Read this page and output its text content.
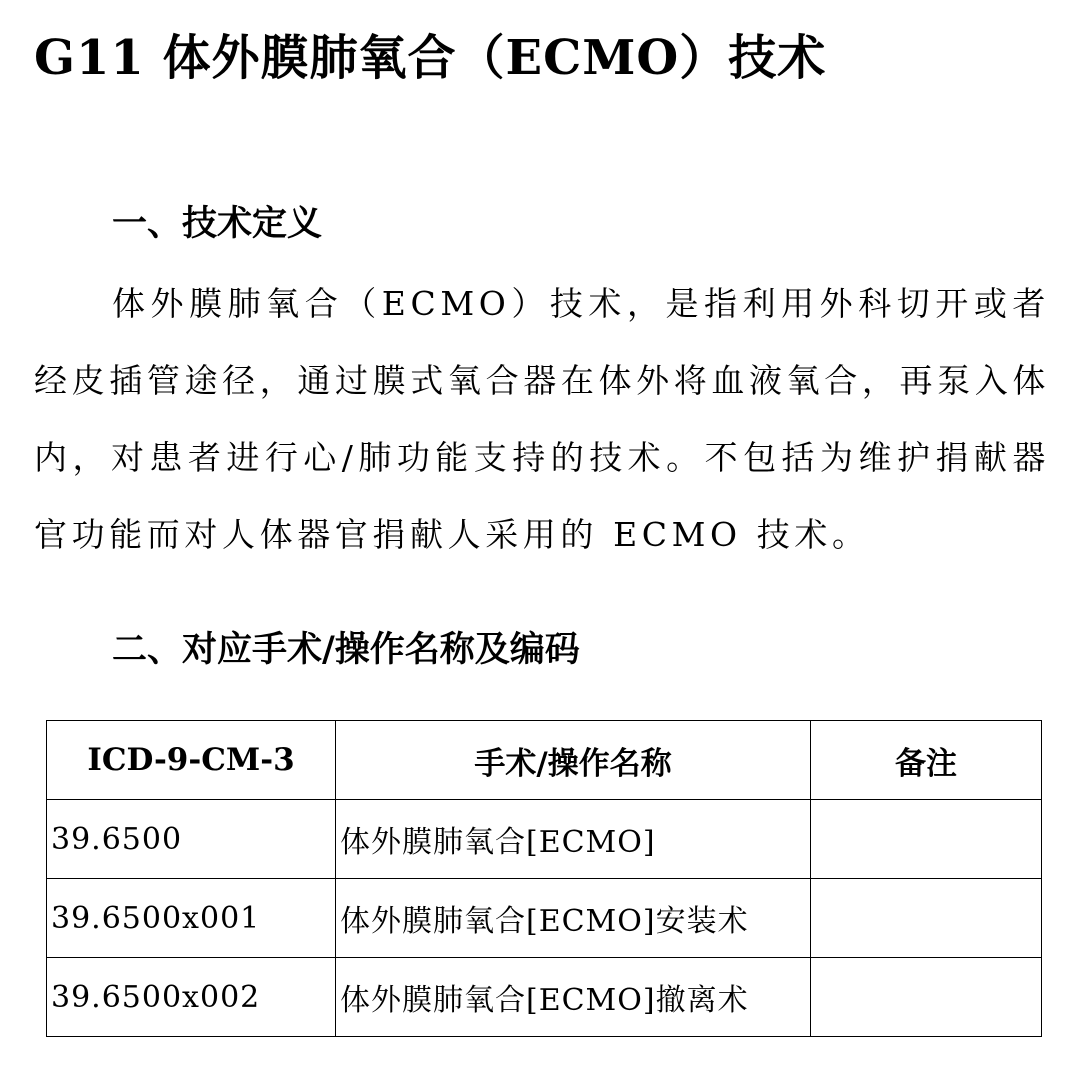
G11 体外膜肺氧合（ECMO）技术
一、技术定义

体外膜肺氧合（ECMO）技术，是指利用外科切开或者经皮插管途径，通过膜式氧合器在体外将血液氧合，再泵入体内，对患者进行心/肺功能支持的技术。不包括为维护捐献器官功能而对人体器官捐献人采用的 ECMO 技术。

二、对应手术/操作名称及编码
ICD-9-CM-3	手术/操作名称	备注
39.6500	体外膜肺氧合[ECMO]	
39.6500x001	体外膜肺氧合[ECMO]安装术	
39.6500x002	体外膜肺氧合[ECMO]撤离术	
